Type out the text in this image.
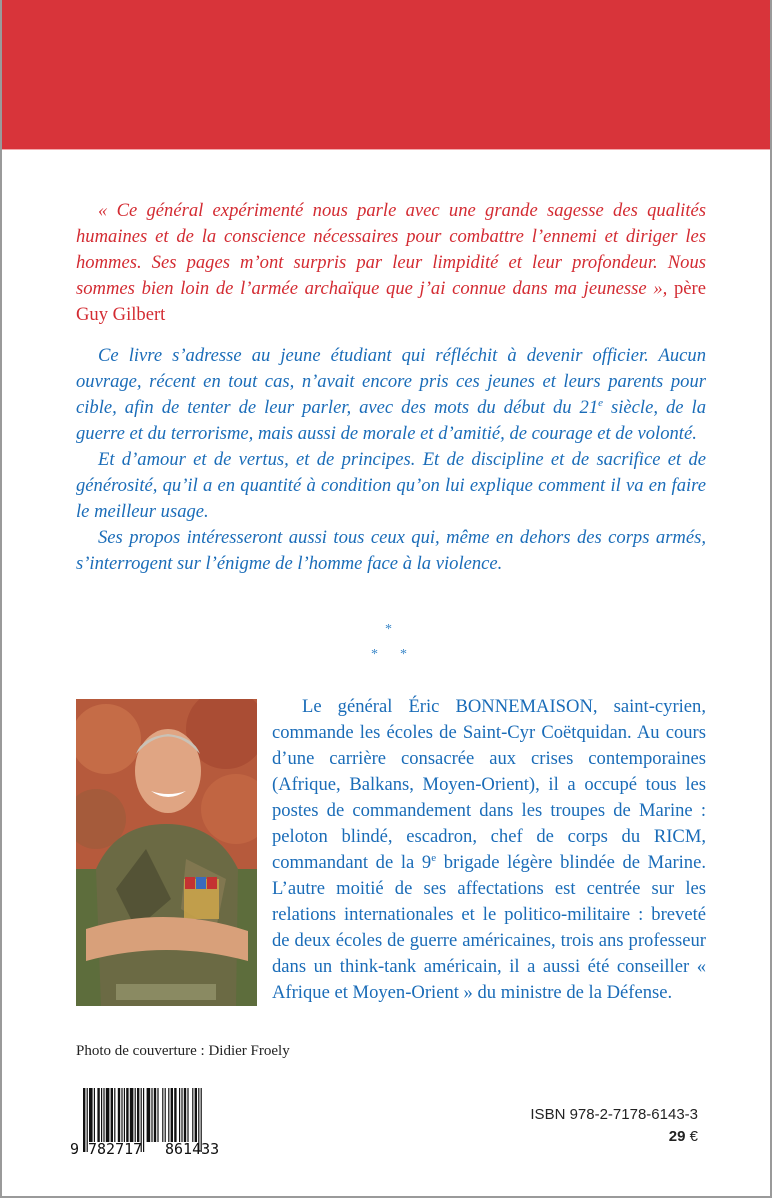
« Ce général expérimenté nous parle avec une grande sagesse des qualités humaines et de la conscience nécessaires pour combattre l’ennemi et diriger les hommes. Ses pages m’ont surpris par leur limpidité et leur profondeur. Nous sommes bien loin de l’armée archaïque que j’ai connue dans ma jeunesse », père Guy Gilbert

Ce livre s’adresse au jeune étudiant qui réfléchit à devenir officier. Aucun ouvrage, récent en tout cas, n’avait encore pris ces jeunes et leurs parents pour cible, afin de tenter de leur parler, avec des mots du début du 21e siècle, de la guerre et du terrorisme, mais aussi de morale et d’amitié, de courage et de volonté.

Et d’amour et de vertus, et de principes. Et de discipline et de sacrifice et de générosité, qu’il a en quantité à condition qu’on lui explique comment il va en faire le meilleur usage.

Ses propos intéresseront aussi tous ceux qui, même en dehors des corps armés, s’interrogent sur l’énigme de l’homme face à la violence.

*
* *

Le général Éric BONNEMAISON, saint-cyrien, commande les écoles de Saint-Cyr Coëtquidan. Au cours d’une carrière consacrée aux crises contemporaines (Afrique, Balkans, Moyen-Orient), il a occupé tous les postes de commandement dans les troupes de Marine : peloton blindé, escadron, chef de corps du RICM, commandant de la 9e brigade légère blindée de Marine. L’autre moitié de ses affectations est centrée sur les relations internationales et le politico-militaire : breveté de deux écoles de guerre américaines, trois ans professeur dans un think-tank américain, il a aussi été conseiller « Afrique et Moyen-Orient » du ministre de la Défense.

Photo de couverture : Didier Froely
9 782717 861433
ISBN 978-2-7178-6143-3
29 €
